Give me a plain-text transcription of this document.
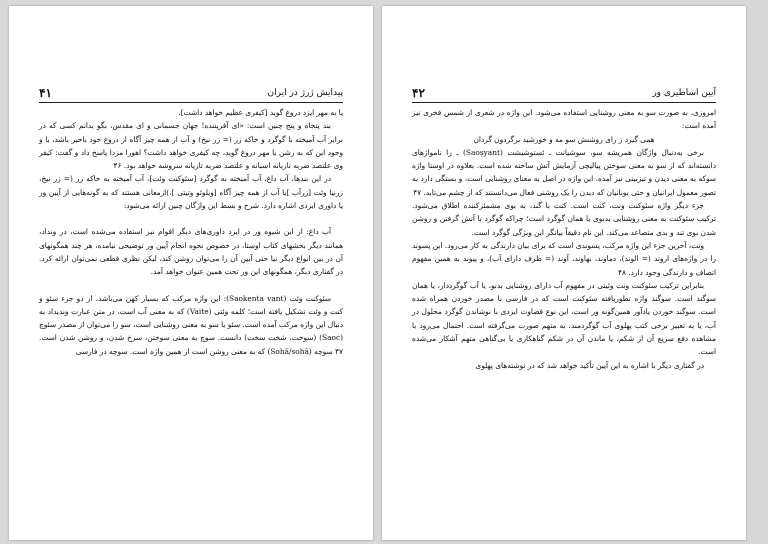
۴۱	پیدایش ژرژ در ایران

یا به مهر ایزد دروغ گوید [کیفری عظیم خواهد داشت].

بند پنجاه و پنج چنین است: «ای آفریننده! جهان جسمانی و ای مقدس، بگو بدانم کسی که در برابر آب آمیخته با گوگرد و خاکه زر (= زر نیخ) و آب از همه چیز آگاه از دروغ خود باخبر باشد، یا و وجود این که به رشن یا مهر دروغ گوید، چه کیفری خواهد داشت؟ اهورا مزدا پاسخ داد و گفت: کیفر وی علتصد ضربه تازیانه اسبانه و علتصد ضربه تازیانه سروشه خواهد بود. ۴۶

در این بندها، آب داغ، آب آمیخته به گوگرد [سئوکنت وئت]، آب آمیخته به خاکه زر (= زر نیخ، زرنیا وئت [زرآب ]یا آب از همه چیز آگاه [ویلوئو وتیتی ]،)ازمعانی هستند که به گونه‌هایی از آیین ور یا داوری ایزدی اشاره دارد. شرح و بسط این واژگان چنین ارائه می‌شود:

آب داغ: از این شیوه ور در ایزد داوری‌های دیگر اقوام نیز استفاده می‌شده است، در ونداد، همانند دیگر بخشهای کتاب اوستا، در خصوص نحوه انجام آیین ور توضیحی نیامده، هر چند همگونهای آن در بین انواع دیگر نیا حتی آیین آن را می‌توان روشن کند، لیکن نظری قطعی نمی‌توان ارائه کرد. در گفتاری دیگر، همگونهای این ور تحت همین عنوان خواهد آمد.

سئوکنت وئت (Saokenta vant): این واژه مرکب که بسیار کهن می‌باشد، از دو جزء سئو و کنت و وئت تشکیل یافته است؛ کلمه وئتی (Vaite) که به معنی آب است، در متن عبارت وندیداد به دنبال این واژه مرکب آمده است. سئو یا سو به معنی روشنایی است، سو را می‌توان از مصدر سئوچ (Saoc) (سوخت، شخت سخت) دانست. سوچ به معنی سوختن، سرخ شدن، و روشن شدن است. ۴۷ سوچه (Sohâ/sohâ) که به معنی روشن است از همین واژه است. سوچه در فارسی

۴۲	آیین اساطیری ور

امروزی، به صورت سو به معنی روشنایی استفاده می‌شود. این واژه در شعری از شمس فخری نیز آمده است:

همی گیرد ز رای روشنش سو مه و خورشید برگردون گردان

برخی به‌دنبال واژگان همریشه سو، سوشیانت ـ ئستوشیشت (Saoṣyant) ـ را نامواژهای دانسته‌اند که از سو به معنی سوختن پیالیچی آزمایش آتش ساخته شده است. بعلاوه در اوستا واژه سوکه به معنی دیدن و تیزبینی نیز آمده. این واژه در اصل به معنای روشنایی است، و بستگی دارد به تصور معمول ایرانیان و حتی یونانیان که دیدن را یک روشنی فعال می‌دانستند که از چشم می‌تابد. ۴۷

جزء دیگر واژه سئوکنت ونت، کنت است. کنت با گند، به بوی مشمئزکننده اطلاق می‌شود. ترکیب سئوکنت به معنی روشنایی بدبوی یا همان گوگرد است؛ چراکه گوگرد با آتش گرفتن و روشن شدن بوی تند و بدی متصاعد می‌کند. این نام دقیقاً بیانگر این ویژگی گوگرد است.

ونت، آخرین جزء این واژه مرکب، پسوندی است که برای بیان دارندگی به کار می‌رود. این پسوند را در واژه‌های اروند (= الوند)، دماوند، نهاوند، آوند (= ظرف دارای آب)، و پیوند به همین مفهوم اتصاف و دارندگی وجود دارد. ۴۸

بنابراین ترکیب سئوکنت ونت وئیتی در مفهوم آب دارای روشنایی بدبو، یا آب گوگرددار، یا همان سوگند است. سوگند واژه تطوریافته سئوکنت است که در فارسی با مصدر خوردن همراه شده است. سوگند خوردن یادآور همین‌گونه ور است، این نوع قضاوت ایزدی با نوشاندن گوگرد محلول در آب، یا به تعبیر برخی کتب پهلوی آب گوگردمند، به متهم صورت می‌گرفته است. احتمال می‌رود با مشاهده دفع سریع آن از شکم، یا ماندن آن در شکم گناهکاری یا بی‌گناهی متهم آشکار می‌شده است.

در گفتاری دیگر با اشاره به این آیین تأکید خواهد شد که در نوشته‌های پهلوی
